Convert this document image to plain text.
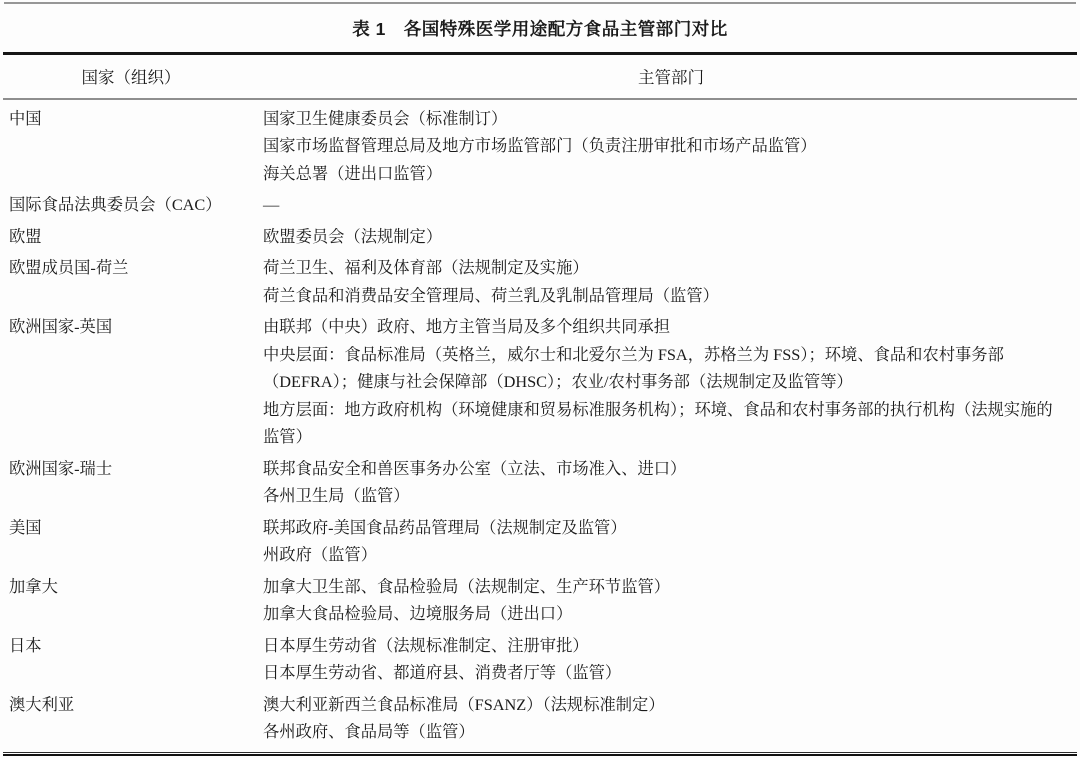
表 1　各国特殊医学用途配方食品主管部门对比
国家（组织）	主管部门
中国	国家卫生健康委员会（标准制订）
国家市场监督管理总局及地方市场监管部门（负责注册审批和市场产品监管）
海关总署（进出口监管）
国际食品法典委员会（CAC）	—
欧盟	欧盟委员会（法规制定）
欧盟成员国-荷兰	荷兰卫生、福利及体育部（法规制定及实施）
荷兰食品和消费品安全管理局、荷兰乳及乳制品管理局（监管）
欧洲国家-英国	由联邦（中央）政府、地方主管当局及多个组织共同承担
中央层面：食品标准局（英格兰，威尔士和北爱尔兰为 FSA，苏格兰为 FSS）；环境、食品和农村事务部（DEFRA）；健康与社会保障部（DHSC）；农业/农村事务部（法规制定及监管等）
地方层面：地方政府机构（环境健康和贸易标准服务机构）；环境、食品和农村事务部的执行机构（法规实施的监管）
欧洲国家-瑞士	联邦食品安全和兽医事务办公室（立法、市场准入、进口）
各州卫生局（监管）
美国	联邦政府-美国食品药品管理局（法规制定及监管）
州政府（监管）
加拿大	加拿大卫生部、食品检验局（法规制定、生产环节监管）
加拿大食品检验局、边境服务局（进出口）
日本	日本厚生劳动省（法规标准制定、注册审批）
日本厚生劳动省、都道府县、消费者厅等（监管）
澳大利亚	澳大利亚新西兰食品标准局（FSANZ）（法规标准制定）
各州政府、食品局等（监管）
